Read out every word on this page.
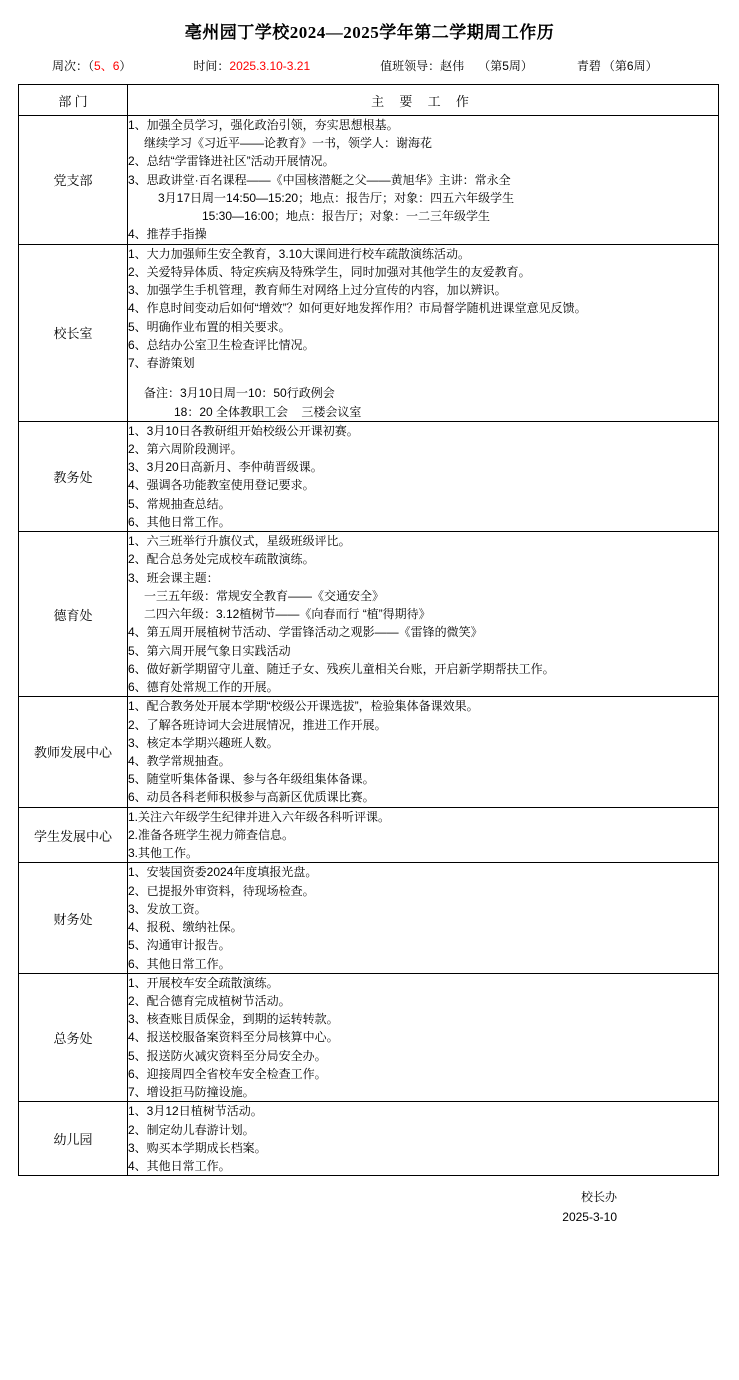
亳州园丁学校2024—2025学年第二学期周工作历
周次：（5、6）	时间：2025.3.10-3.21	值班领导： 赵伟 （第5周）	青碧 （第6周）
部 门	主 要 工 作
党支部	
1、加强全员学习，强化政治引领，夯实思想根基。
继续学习《习近平――论教育》一书，领学人：谢海花
2、总结“学雷锋进社区”活动开展情况。
3、思政讲堂·百名课程――《中国核潜艇之父――黄旭华》主讲：常永全
3月17日周一14:50—15:20；地点：报告厅；对象：四五六年级学生
15:30—16:00；地点：报告厅；对象：一二三年级学生
4、推荐手指操

校长室	
1、大力加强师生安全教育，3.10大课间进行校车疏散演练活动。
2、关爱特异体质、特定疾病及特殊学生，同时加强对其他学生的友爱教育。
3、加强学生手机管理，教育师生对网络上过分宣传的内容，加以辨识。
4、作息时间变动后如何“增效”？如何更好地发挥作用？市局督学随机进课堂意见反馈。
5、明确作业布置的相关要求。
6、总结办公室卫生检查评比情况。
7、春游策划
备注：3月10日周一10：50行政例会
18：20 全体教职工会    三楼会议室

教务处	
1、3月10日各教研组开始校级公开课初赛。
2、第六周阶段测评。
3、3月20日高新月、李仲萌晋级课。
4、强调各功能教室使用登记要求。
5、常规抽查总结。
6、其他日常工作。

德育处	
1、六三班举行升旗仪式，星级班级评比。
2、配合总务处完成校车疏散演练。
3、班会课主题：
一三五年级：常规安全教育――《交通安全》
二四六年级：3.12植树节――《向春而行 “植”得期待》
4、第五周开展植树节活动、学雷锋活动之观影――《雷锋的微笑》
5、第六周开展气象日实践活动
6、做好新学期留守儿童、随迁子女、残疾儿童相关台账，开启新学期帮扶工作。
6、德育处常规工作的开展。

教师发展中心	
1、配合教务处开展本学期“校级公开课选拔”，检验集体备课效果。
2、了解各班诗词大会进展情况，推进工作开展。
3、核定本学期兴趣班人数。
4、教学常规抽查。
5、随堂听集体备课、参与各年级组集体备课。
6、动员各科老师积极参与高新区优质课比赛。

学生发展中心	1.关注六年级学生纪律并进入六年级各科听评课。
2.准备各班学生视力筛查信息。
3.其他工作。

财务处	
1、安装国资委2024年度填报光盘。
2、已提报外审资料，待现场检查。
3、发放工资。
4、报税、缴纳社保。
5、沟通审计报告。
6、其他日常工作。

总务处	
1、开展校车安全疏散演练。
2、配合德育完成植树节活动。
3、核查账目质保金，到期的运转转款。
4、报送校服备案资料至分局核算中心。
5、报送防火减灾资料至分局安全办。
6、迎接周四全省校车安全检查工作。
7、增设拒马防撞设施。

幼儿园	1、3月12日植树节活动。
2、制定幼儿春游计划。
3、购买本学期成长档案。
4、其他日常工作。
校长办
2025-3-10
